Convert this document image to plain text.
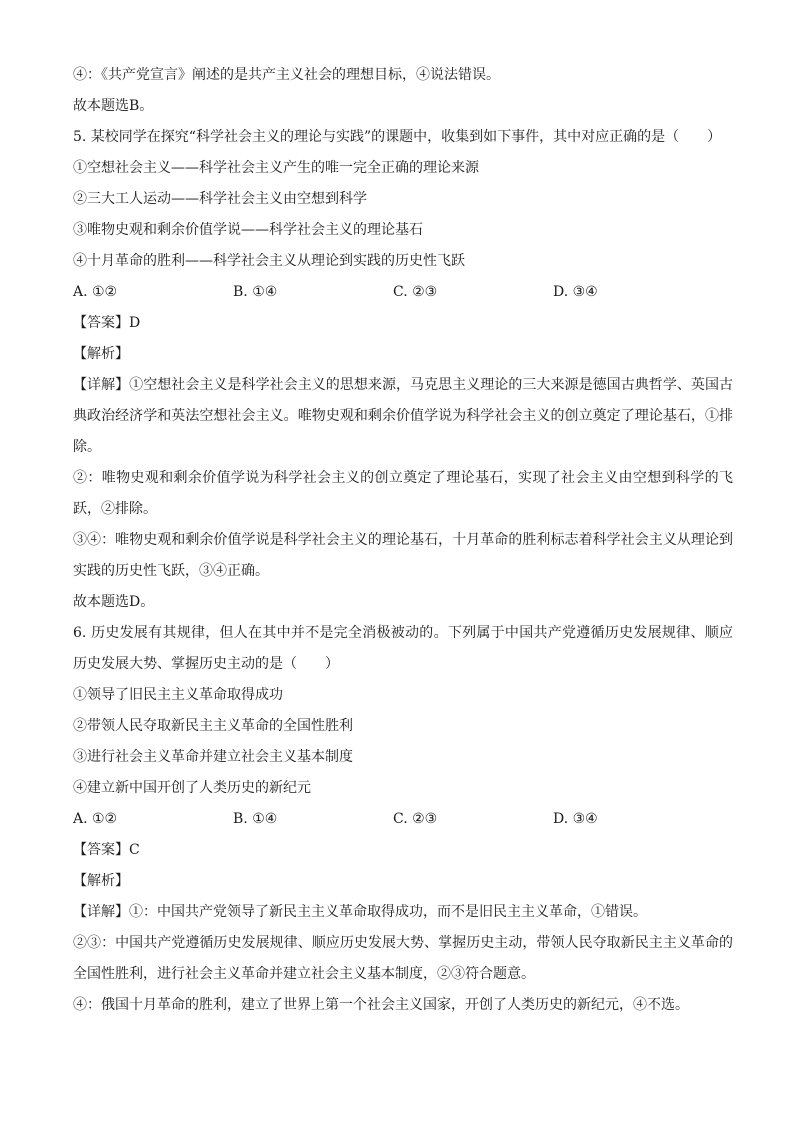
④：《共产党宣言》阐述的是共产主义社会的理想目标，④说法错误。
故本题选B。
5. 某校同学在探究“科学社会主义的理论与实践”的课题中，收集到如下事件，其中对应正确的是（　　）
①空想社会主义——科学社会主义产生的唯一完全正确的理论来源
②三大工人运动——科学社会主义由空想到科学
③唯物史观和剩余价值学说——科学社会主义的理论基石
④十月革命的胜利——科学社会主义从理论到实践的历史性飞跃
A. ①②	B. ①④	C. ②③	D. ③④
【答案】D
【解析】
【详解】①空想社会主义是科学社会主义的思想来源，马克思主义理论的三大来源是德国古典哲学、英国古典政治经济学和英法空想社会主义。唯物史观和剩余价值学说为科学社会主义的创立奠定了理论基石，①排除。
②：唯物史观和剩余价值学说为科学社会主义的创立奠定了理论基石，实现了社会主义由空想到科学的飞跃，②排除。
③④：唯物史观和剩余价值学说是科学社会主义的理论基石，十月革命的胜利标志着科学社会主义从理论到实践的历史性飞跃，③④正确。
故本题选D。
6. 历史发展有其规律，但人在其中并不是完全消极被动的。下列属于中国共产党遵循历史发展规律、顺应历史发展大势、掌握历史主动的是（　　）
①领导了旧民主主义革命取得成功
②带领人民夺取新民主主义革命的全国性胜利
③进行社会主义革命并建立社会主义基本制度
④建立新中国开创了人类历史的新纪元
A. ①②	B. ①④	C. ②③	D. ③④
【答案】C
【解析】
【详解】①：中国共产党领导了新民主主义革命取得成功，而不是旧民主主义革命，①错误。
②③：中国共产党遵循历史发展规律、顺应历史发展大势、掌握历史主动，带领人民夺取新民主主义革命的全国性胜利，进行社会主义革命并建立社会主义基本制度，②③符合题意。
④：俄国十月革命的胜利，建立了世界上第一个社会主义国家，开创了人类历史的新纪元，④不选。
